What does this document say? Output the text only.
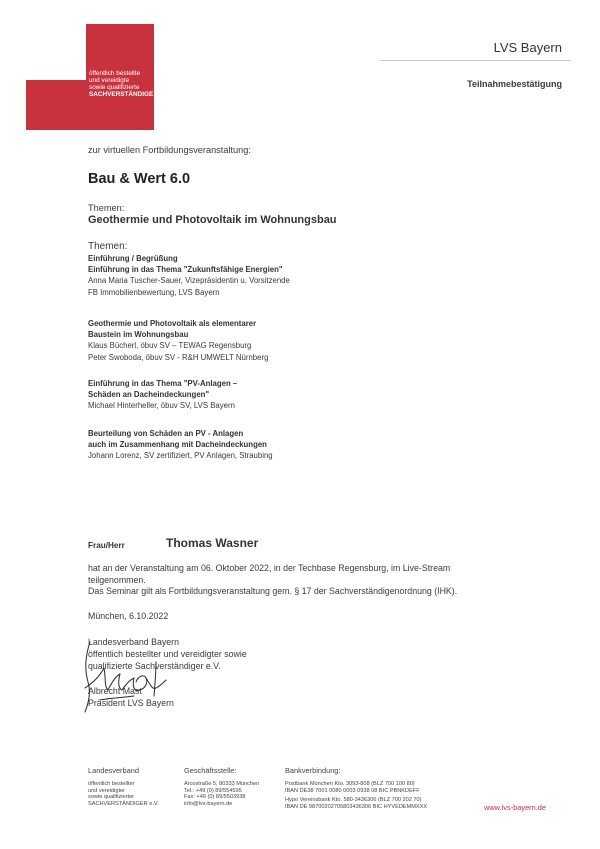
öffentlich bestellte
und vereidigte
sowie qualifizierte
SACHVERSTÄNDIGE
LVS Bayern
Teilnahmebestätigung
zur virtuellen Fortbildungsveranstaltung:
Bau & Wert 6.0
Themen:
Geothermie und Photovoltaik im Wohnungsbau
Themen:
Einführung / Begrüßung
Einführung in das Thema "Zukunftsfähige Energien"
Anna Maria Tuscher-Sauer, Vizepräsidentin u. Vorsitzende
FB Immobilienbewertung, LVS Bayern
Geothermie und Photovoltaik als elementarer
Baustein im Wohnungsbau
Klaus Bücherl, öbuv SV – TEWAG Regensburg
Peter Swoboda, öbuv SV - R&H UMWELT Nürnberg
Einführung in das Thema "PV-Anlagen –
Schäden an Dacheindeckungen"
Michael Hinterheller, öbuv SV, LVS Bayern
Beurteilung von Schäden an PV - Anlagen
auch im Zusammenhang mit Dacheindeckungen
Johann Lorenz, SV zertifiziert, PV Anlagen, Straubing
Frau/Herr	Thomas Wasner
hat an der Veranstaltung am 06. Oktober 2022, in der Techbase Regensburg, im Live-Stream
teilgenommen.
Das Seminar gilt als Fortbildungsveranstaltung gem. § 17 der Sachverständigenordnung (IHK).
München, 6.10.2022
Landesverband Bayern
öffentlich bestellter und vereidigter sowie
qualifizierte Sachverständiger e.V.
Albrecht Mast
Präsident LVS Bayern
Landesverband
öffentlich bestellter
und vereidigter
sowie qualifizierter
SACHVERSTÄNDIGER e.V.
Geschäftsstelle:
Arcostraße 5, 80333 München
Tel.: +49 (0) 89/554595
Fax: +49 (0) 89/5503938
info@lvs-bayern.de
Bankverbindung:
Postbank München Kto. 3093-808 (BLZ 700 100 80)
IBAN DE38 7001 0080 0003 0938 08 BIC PBNKDEFF
Hypo Vereinsbank Kto. 580-3436306 (BLZ 700 202 70)
IBAN DE 98700202705803436306 BIC HYVEDEMMXXX	www.lvs-bayern.de
